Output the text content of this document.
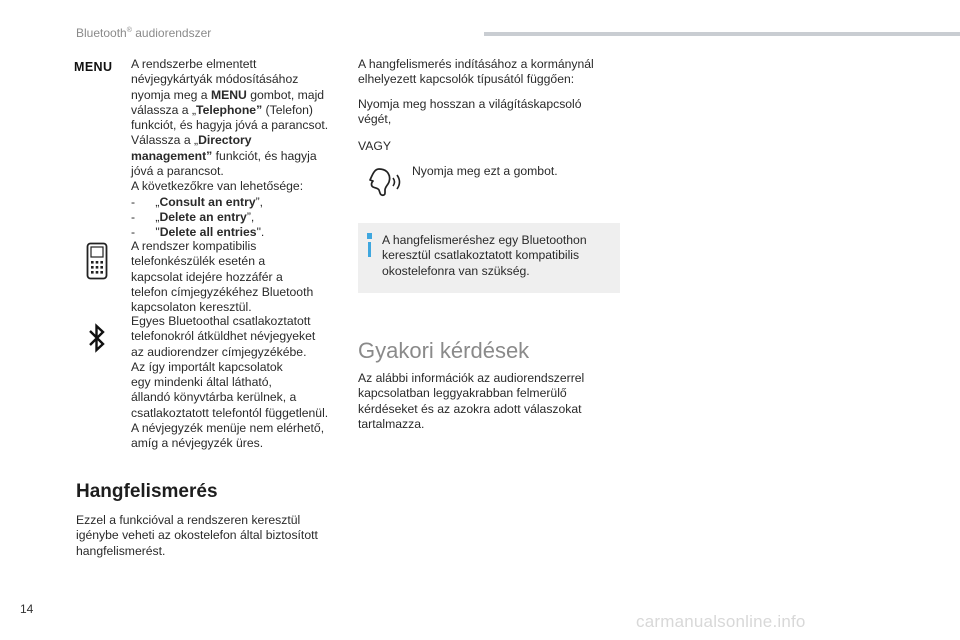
Bluetooth® audiorendszer
MENU A rendszerbe elmentett
névjegykártyák módosításához
nyomja meg a MENU gombot, majd
válassza a „Telephone” (Telefon)
funkciót, és hagyja jóvá a parancsot.
Válassza a „Directory
management” funkciót, és hagyja
jóvá a parancsot.
A következőkre van lehetősége:
-      „Consult an entry”,
-      „Delete an entry”,
-      "Delete all entries".
A rendszer kompatibilis
telefonkészülék esetén a
kapcsolat idejére hozzáfér a
telefon címjegyzékéhez Bluetooth
kapcsolaton keresztül.
Egyes Bluetoothal csatlakoztatott
telefonokról átküldhet névjegyeket
az audiorendzer címjegyzékébe.
Az így importált kapcsolatok
egy mindenki által látható,
állandó könyvtárba kerülnek, a
csatlakoztatott telefontól függetlenül.
A névjegyzék menüje nem elérhető,
amíg a névjegyzék üres.
Hangfelismerés
Ezzel a funkcióval a rendszeren keresztül
igénybe veheti az okostelefon által biztosított
hangfelismerést.
A hangfelismerés indításához a kormánynál
elhelyezett kapcsolók típusától függően:
Nyomja meg hosszan a világításkapcsoló
végét,
VAGY
Nyomja meg ezt a gombot.
A hangfelismeréshez egy Bluetoothon
keresztül csatlakoztatott kompatibilis
okostelefonra van szükség.
Gyakori kérdések
Az alábbi információk az audiorendszerrel
kapcsolatban leggyakrabban felmerülő
kérdéseket és az azokra adott válaszokat
tartalmazza.
14
carmanualsonline.info
